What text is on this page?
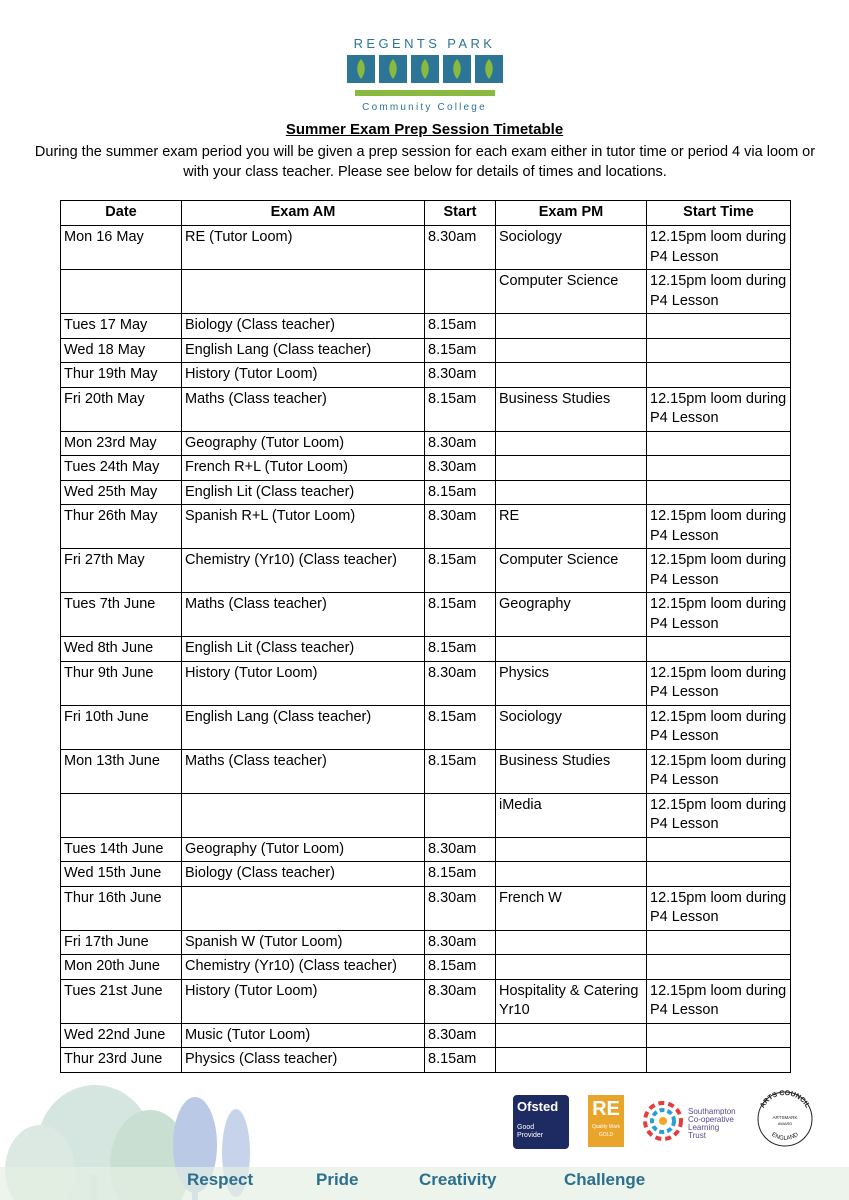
REGENTS PARK
Community College
Summer Exam Prep Session Timetable
During the summer exam period you will be given a prep session for each exam either in tutor time or period 4 via loom or with your class teacher. Please see below for details of times and locations.
Date	Exam AM	Start	Exam PM	Start Time
Mon 16 May	RE (Tutor Loom)	8.30am	Sociology	12.15pm loom during P4 Lesson
			Computer Science	12.15pm loom during P4 Lesson
Tues 17 May	Biology (Class teacher)	8.15am		
Wed 18 May	English Lang (Class teacher)	8.15am		
Thur 19th May	History (Tutor Loom)	8.30am		
Fri 20th May	Maths (Class teacher)	8.15am	Business Studies	12.15pm loom during P4 Lesson
Mon 23rd May	Geography (Tutor Loom)	8.30am		
Tues 24th May	French R+L (Tutor Loom)	8.30am		
Wed 25th May	English Lit (Class teacher)	8.15am		
Thur 26th May	Spanish R+L (Tutor Loom)	8.30am	RE	12.15pm loom during P4 Lesson
Fri 27th May	Chemistry (Yr10) (Class teacher)	8.15am	Computer Science	12.15pm loom during P4 Lesson
Tues 7th June	Maths (Class teacher)	8.15am	Geography	12.15pm loom during P4 Lesson
Wed 8th June	English Lit (Class teacher)	8.15am		
Thur 9th June	History (Tutor Loom)	8.30am	Physics	12.15pm loom during P4 Lesson
Fri 10th June	English Lang (Class teacher)	8.15am	Sociology	12.15pm loom during P4 Lesson
Mon 13th June	Maths (Class teacher)	8.15am	Business Studies	12.15pm loom during P4 Lesson
			iMedia	12.15pm loom during P4 Lesson
Tues 14th June	Geography (Tutor Loom)	8.30am		
Wed 15th June	Biology (Class teacher)	8.15am		
Thur 16th June		8.30am	French W	12.15pm loom during P4 Lesson
Fri 17th June	Spanish W (Tutor Loom)	8.30am		
Mon 20th June	Chemistry (Yr10) (Class teacher)	8.15am		
Tues 21st June	History (Tutor Loom)	8.30am	Hospitality & Catering Yr10	12.15pm loom during P4 Lesson
Wed 22nd June	Music (Tutor Loom)	8.30am		
Thur 23rd June	Physics (Class teacher)	8.15am		
Respect	Pride	Creativity	Challenge
Ofsted
Good
Provider
RE
Quality Mark
GOLD
Southampton
Co-operative
Learning
Trust
ARTS COUNCIL
ARTSMARK
AWARD
ENGLAND
